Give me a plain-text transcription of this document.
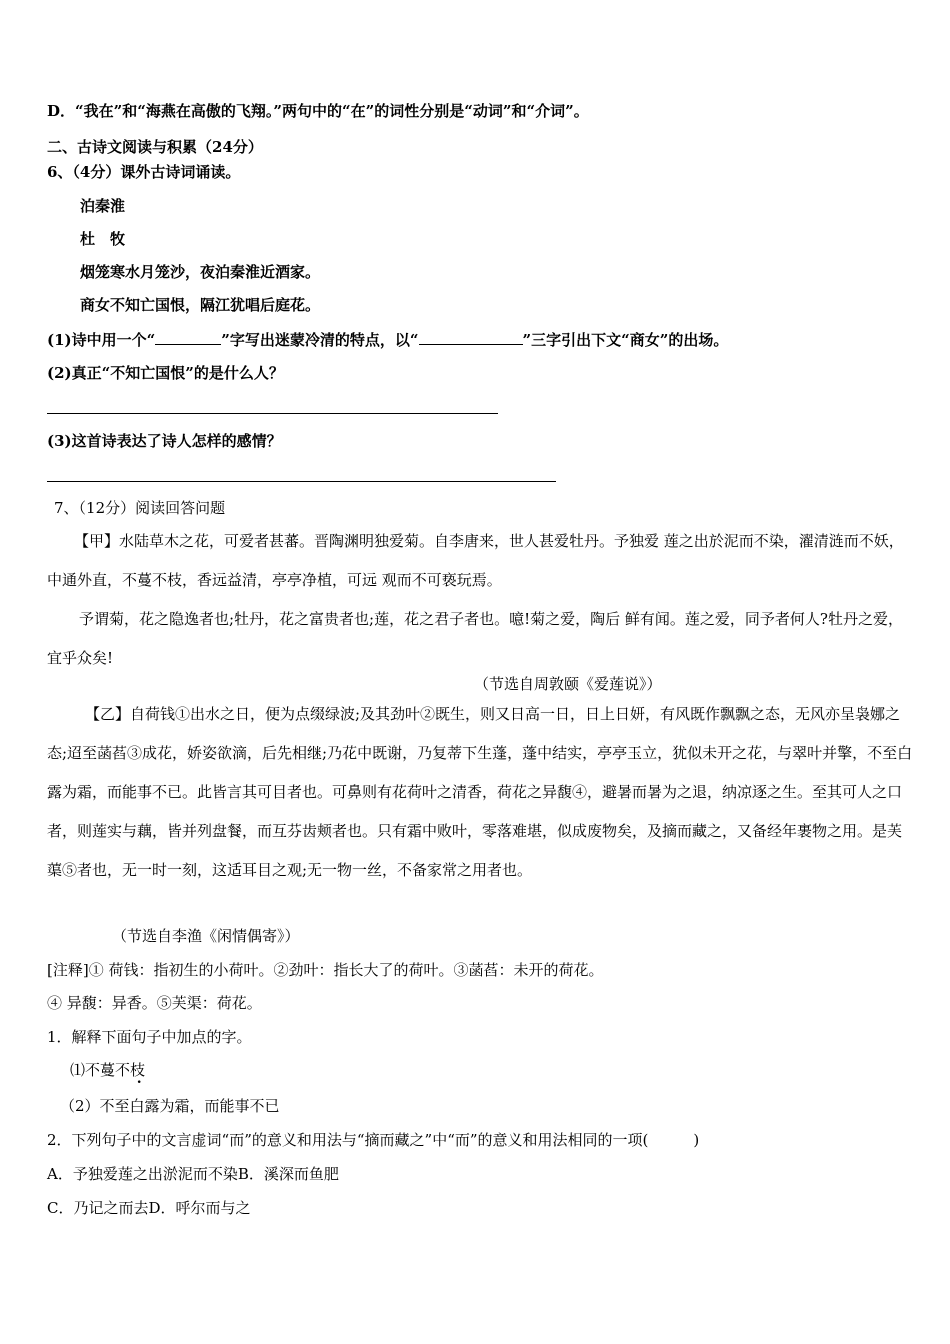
D．“我在”和“海燕在高傲的飞翔。”两句中的“在”的词性分别是“动词”和“介词”。
二、古诗文阅读与积累（24分）
6、（4分）课外古诗词诵读。
泊秦淮
杜　牧
烟笼寒水月笼沙，夜泊秦淮近酒家。
商女不知亡国恨，隔江犹唱后庭花。
(1)诗中用一个“	”字写出迷蒙冷清的特点，以“	”三字引出下文“商女”的出场。
(2)真正“不知亡国恨”的是什么人？
(3)这首诗表达了诗人怎样的感情？
7、（12分）阅读回答问题
【甲】水陆草木之花，可爱者甚蕃。晋陶渊明独爱菊。自李唐来，世人甚爱牡丹。予独爱 莲之出於泥而不染，濯清涟而不妖，中通外直，不蔓不枝，香远益清，亭亭净植，可远 观而不可亵玩焉。
予谓菊，花之隐逸者也;牡丹，花之富贵者也;莲，花之君子者也。噫!菊之爱，陶后 鲜有闻。莲之爱，同予者何人?牡丹之爱，宜乎众矣!
（节选自周敦颐《爱莲说》）
【乙】自荷钱①出水之日，便为点缀绿波;及其劲叶②既生，则又日高一日，日上日妍，有风既作飘飘之态，无风亦呈袅娜之态;迢至菡萏③成花，娇姿欲滴，后先相继;乃花中既谢，乃复蒂下生蓬，蓬中结实，亭亭玉立，犹似未开之花，与翠叶并擎，不至白露为霜，而能事不已。此皆言其可目者也。可鼻则有花荷叶之清香，荷花之异馥④，避暑而暑为之退，纳凉逐之生。至其可人之口者，则莲实与藕，皆并列盘餐，而互芬齿颊者也。只有霜中败叶，零落难堪，似成废物矣，及摘而藏之，又备经年裹物之用。是芙蕖⑤者也，无一时一刻，这适耳目之观;无一物一丝，不备家常之用者也。
（节选自李渔《闲情偶寄》）
[注释]① 荷钱：指初生的小荷叶。②劲叶：指长大了的荷叶。③菡萏：未开的荷花。
④ 异馥：异香。⑤芙渠：荷花。
1．解释下面句子中加点的字。
⑴不蔓不枝
（2）不至白露为霜，而能事不已
2．下列句子中的文言虚词“而”的意义和用法与“摘而藏之”中“而”的意义和用法相同的一项(　　　)
A．予独爱莲之出淤泥而不染B．溪深而鱼肥
C．乃记之而去D．呼尔而与之
